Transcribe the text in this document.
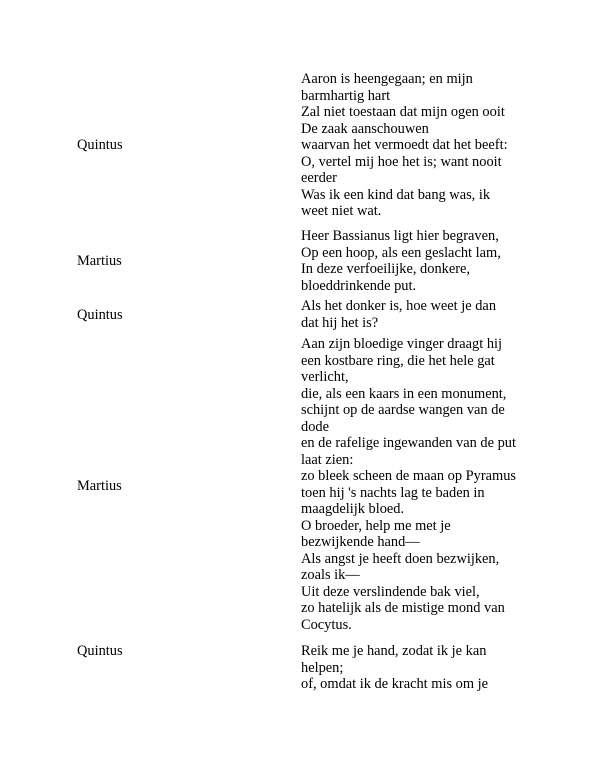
Quintus
Aaron is heengegaan; en mijn
barmhartig hart
Zal niet toestaan dat mijn ogen ooit
De zaak aanschouwen
waarvan het vermoedt dat het beeft:
O, vertel mij hoe het is; want nooit
eerder
Was ik een kind dat bang was, ik
weet niet wat.
Martius
Heer Bassianus ligt hier begraven,
Op een hoop, als een geslacht lam,
In deze verfoeilijke, donkere,
bloeddrinkende put.
Quintus
Als het donker is, hoe weet je dan
dat hij het is?
Martius
Aan zijn bloedige vinger draagt hij
een kostbare ring, die het hele gat
verlicht,
die, als een kaars in een monument,
schijnt op de aardse wangen van de
dode
en de rafelige ingewanden van de put
laat zien:
zo bleek scheen de maan op Pyramus
toen hij 's nachts lag te baden in
maagdelijk bloed.
O broeder, help me met je
bezwijkende hand—
Als angst je heeft doen bezwijken,
zoals ik—
Uit deze verslindende bak viel,
zo hatelijk als de mistige mond van
Cocytus.
Quintus	Reik me je hand, zodat ik je kan
helpen;
of, omdat ik de kracht mis om je
